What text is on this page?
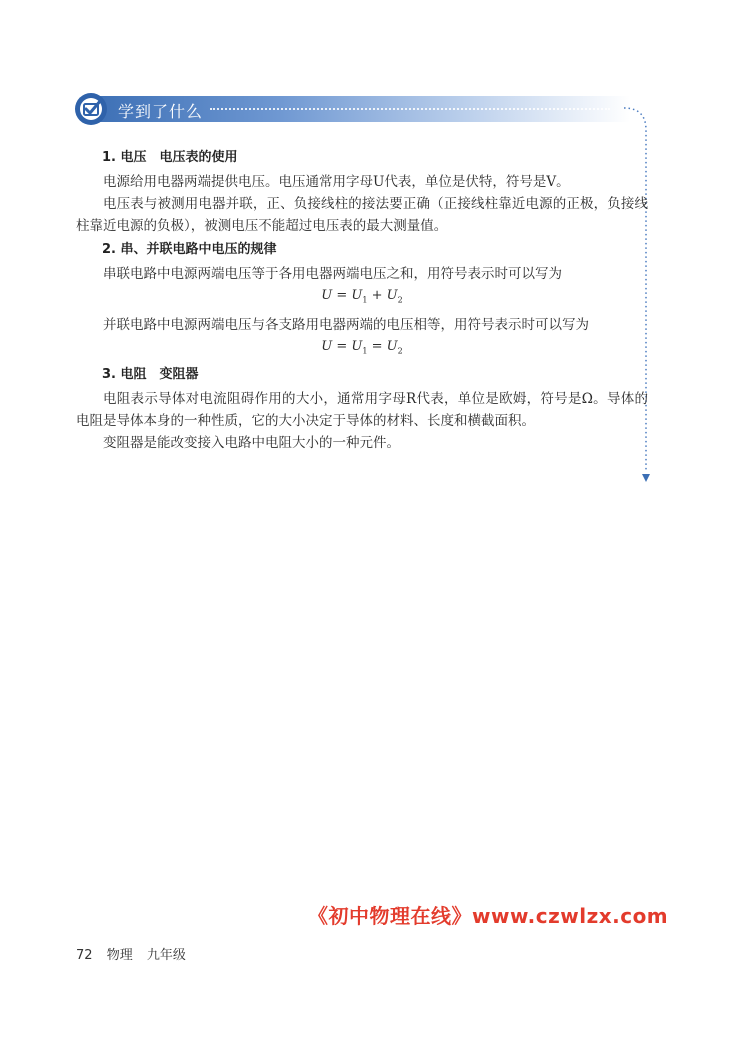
学到了什么
1. 电压　电压表的使用

电源给用电器两端提供电压。电压通常用字母U代表，单位是伏特，符号是V。

电压表与被测用电器并联，正、负接线柱的接法要正确（正接线柱靠近电源的正极，负接线柱靠近电源的负极），被测电压不能超过电压表的最大测量值。

2. 串、并联电路中电压的规律

串联电路中电源两端电压等于各用电器两端电压之和，用符号表示时可以写为

$U = U_1 + U_2$

并联电路中电源两端电压与各支路用电器两端的电压相等，用符号表示时可以写为

$U = U_1 = U_2$

3. 电阻　变阻器

电阻表示导体对电流阻碍作用的大小，通常用字母R代表，单位是欧姆，符号是Ω。导体的电阻是导体本身的一种性质，它的大小决定于导体的材料、长度和横截面积。

变阻器是能改变接入电路中电阻大小的一种元件。

《初中物理在线》www.czwlzx.com
72 物理 九年级
